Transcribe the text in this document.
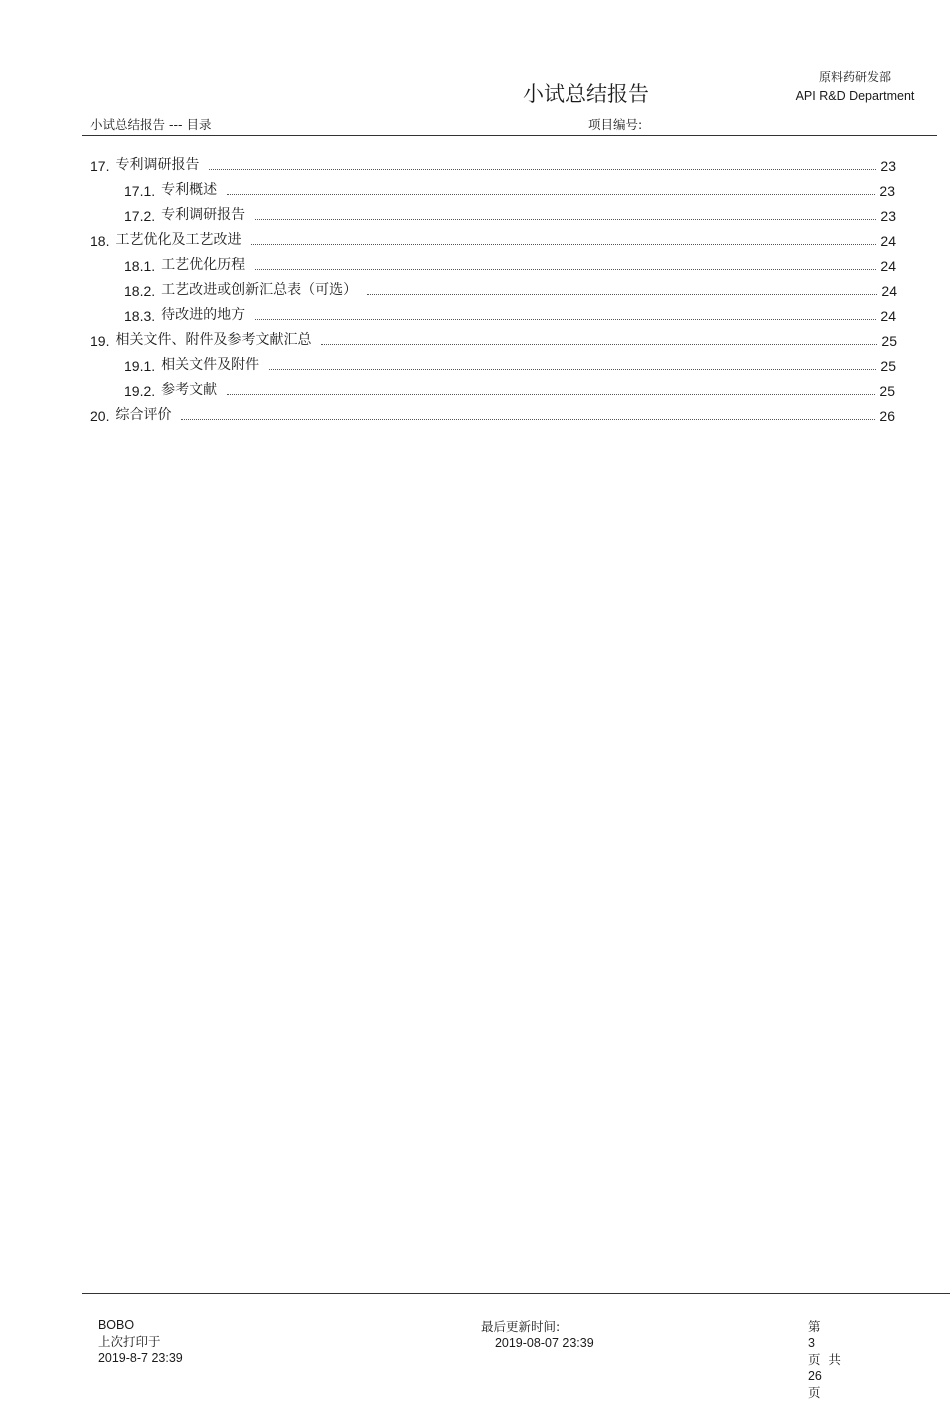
小试总结报告
原料药研发部
API R&D Department
小试总结报告 --- 目录	项目编号:
17. 专利调研报告	23
17.1. 专利概述	23
17.2. 专利调研报告	23
18. 工艺优化及工艺改进	24
18.1. 工艺优化历程	24
18.2. 工艺改进或创新汇总表（可选）	24
18.3. 待改进的地方	24
19. 相关文件、附件及参考文献汇总	25
19.1. 相关文件及附件	25
19.2. 参考文献	25
20. 综合评价	26

BOBO
上次打印于
2019-8-7 23:39

最后更新时间:
2019-08-07 23:39

第
3
页  共
26
页
